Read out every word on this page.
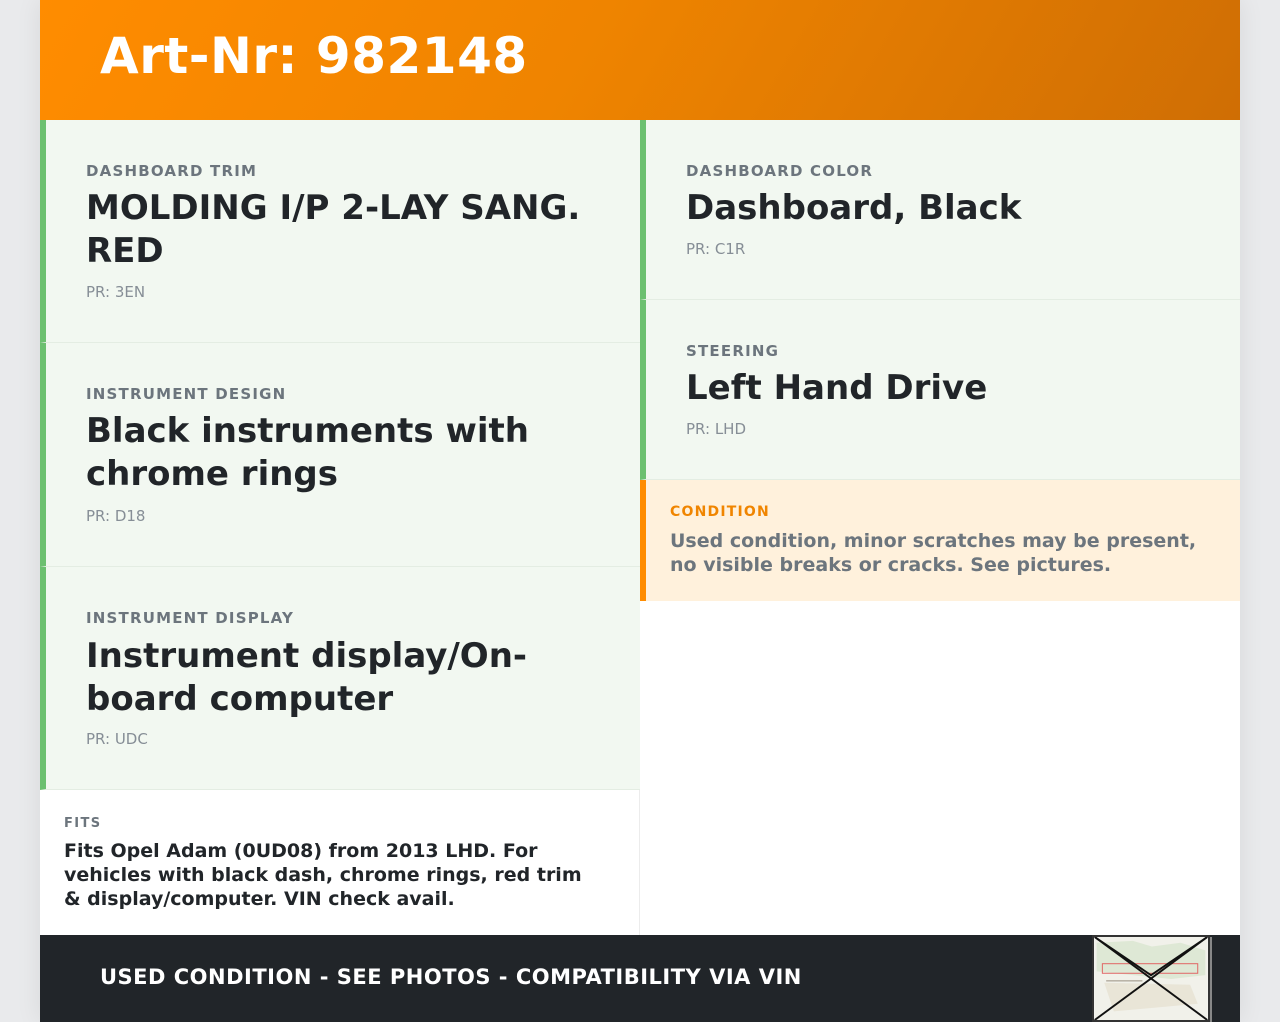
Art-Nr: 982148
DASHBOARD TRIM
MOLDING I/P 2-LAY SANG. RED
PR: 3EN
INSTRUMENT DESIGN
Black instruments with chrome rings
PR: D18
INSTRUMENT DISPLAY
Instrument display/On-board computer
PR: UDC
DASHBOARD COLOR
Dashboard, Black
PR: C1R
STEERING
Left Hand Drive
PR: LHD
CONDITION
Used condition, minor scratches may be present, no visible breaks or cracks. See pictures.
FITS
Fits Opel Adam (0UD08) from 2013 LHD. For vehicles with black dash, chrome rings, red trim & display/computer. VIN check avail.
USED CONDITION - SEE PHOTOS - COMPATIBILITY VIA VIN
